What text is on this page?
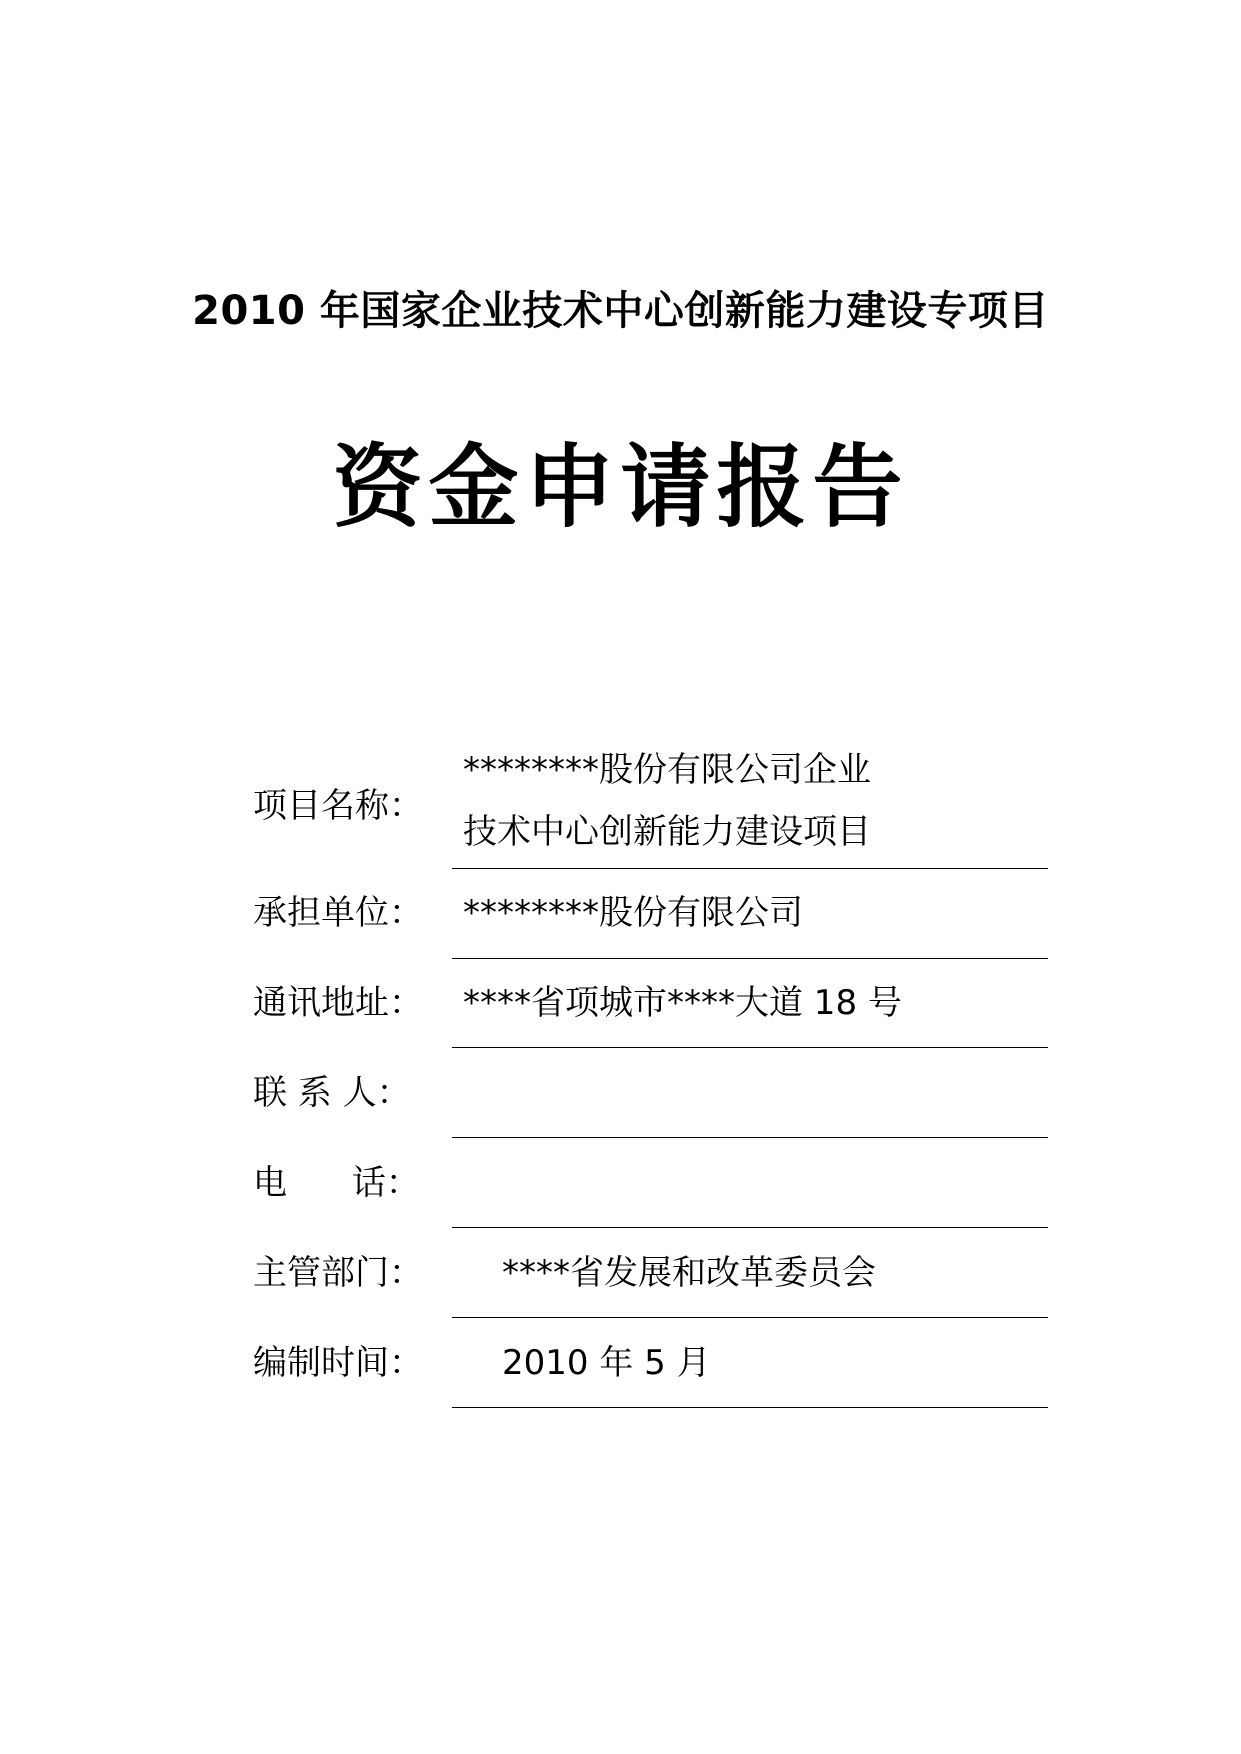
2010 年国家企业技术中心创新能力建设专项目
资金申请报告
项目名称：
********股份有限公司企业
技术中心创新能力建设项目
承担单位： ********股份有限公司
通讯地址： ****省项城市****大道 18 号
联 系 人：
电      话：
主管部门： ****省发展和改革委员会
编制时间： 2010 年 5 月
